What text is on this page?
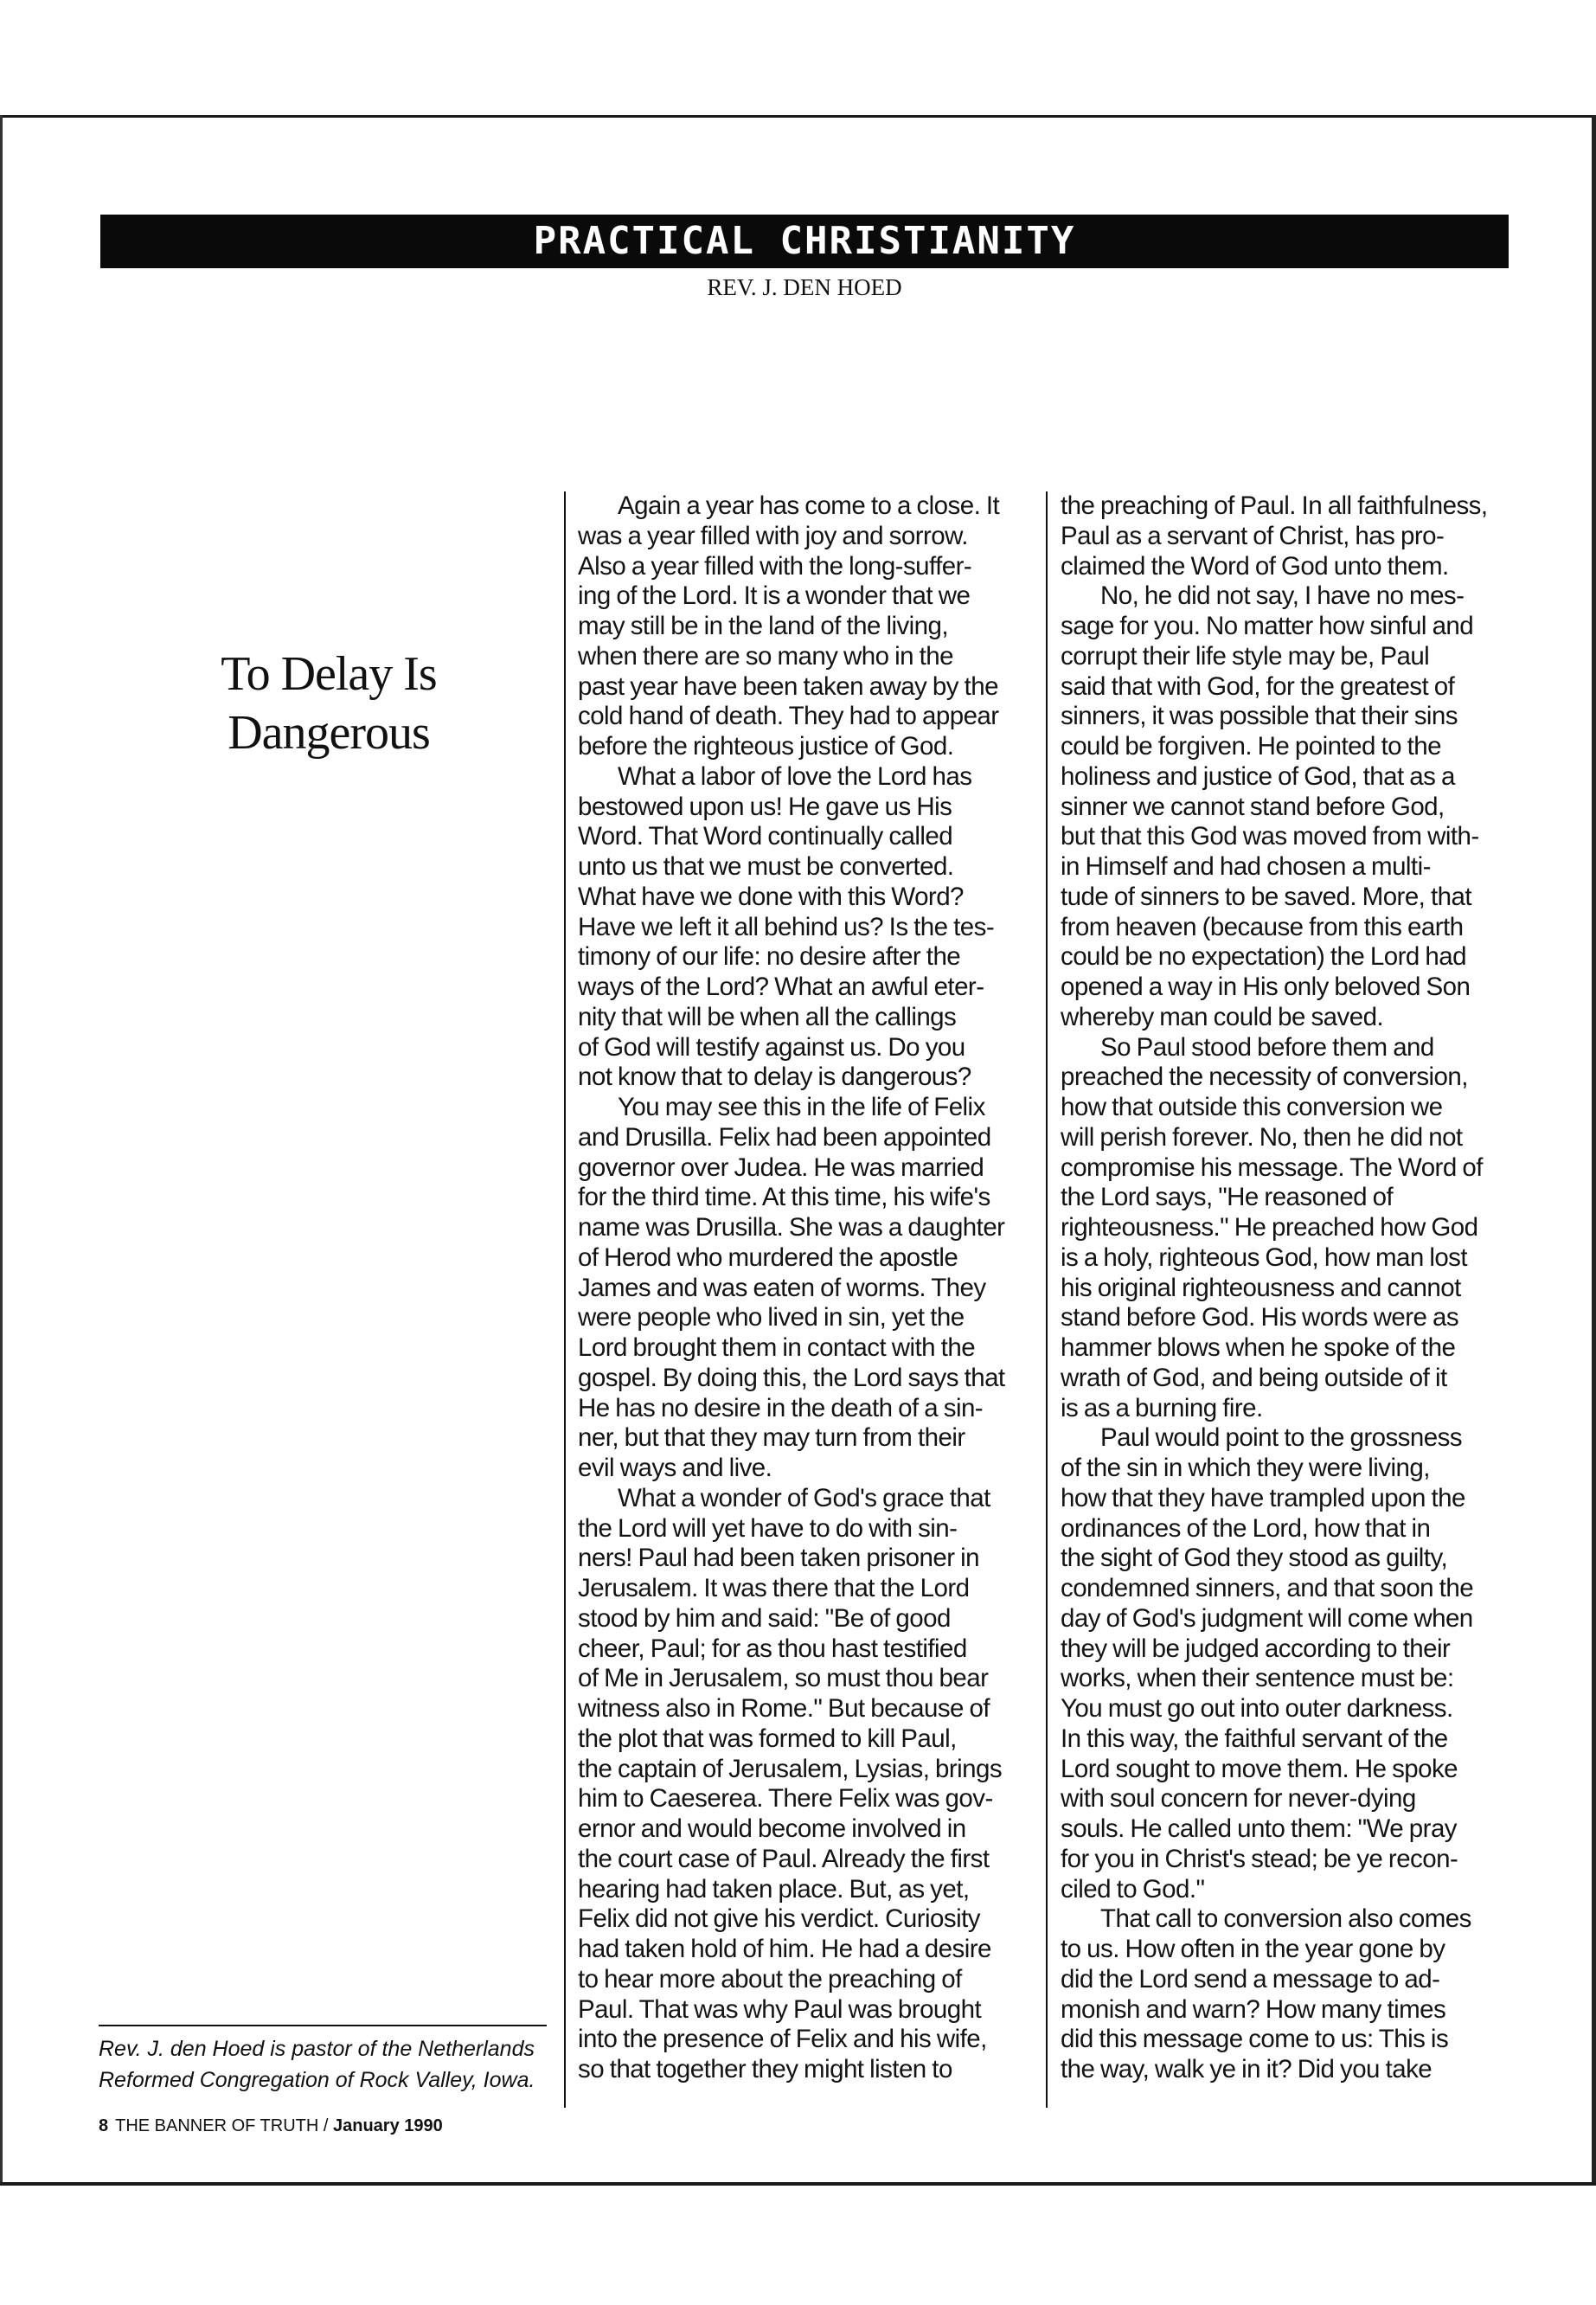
PRACTICAL CHRISTIANITY
REV. J. DEN HOED
To Delay Is Dangerous
Again a year has come to a close. It
was a year filled with joy and sorrow.
Also a year filled with the long-suffer-
ing of the Lord. It is a wonder that we
may still be in the land of the living,
when there are so many who in the
past year have been taken away by the
cold hand of death. They had to appear
before the righteous justice of God.
What a labor of love the Lord has
bestowed upon us! He gave us His
Word. That Word continually called
unto us that we must be converted.
What have we done with this Word?
Have we left it all behind us? Is the tes-
timony of our life: no desire after the
ways of the Lord? What an awful eter-
nity that will be when all the callings
of God will testify against us. Do you
not know that to delay is dangerous?
You may see this in the life of Felix
and Drusilla. Felix had been appointed
governor over Judea. He was married
for the third time. At this time, his wife's
name was Drusilla. She was a daughter
of Herod who murdered the apostle
James and was eaten of worms. They
were people who lived in sin, yet the
Lord brought them in contact with the
gospel. By doing this, the Lord says that
He has no desire in the death of a sin-
ner, but that they may turn from their
evil ways and live.
What a wonder of God's grace that
the Lord will yet have to do with sin-
ners! Paul had been taken prisoner in
Jerusalem. It was there that the Lord
stood by him and said: "Be of good
cheer, Paul; for as thou hast testified
of Me in Jerusalem, so must thou bear
witness also in Rome." But because of
the plot that was formed to kill Paul,
the captain of Jerusalem, Lysias, brings
him to Caeserea. There Felix was gov-
ernor and would become involved in
the court case of Paul. Already the first
hearing had taken place. But, as yet,
Felix did not give his verdict. Curiosity
had taken hold of him. He had a desire
to hear more about the preaching of
Paul. That was why Paul was brought
into the presence of Felix and his wife,
so that together they might listen to
the preaching of Paul. In all faithfulness,
Paul as a servant of Christ, has pro-
claimed the Word of God unto them.
No, he did not say, I have no mes-
sage for you. No matter how sinful and
corrupt their life style may be, Paul
said that with God, for the greatest of
sinners, it was possible that their sins
could be forgiven. He pointed to the
holiness and justice of God, that as a
sinner we cannot stand before God,
but that this God was moved from with-
in Himself and had chosen a multi-
tude of sinners to be saved. More, that
from heaven (because from this earth
could be no expectation) the Lord had
opened a way in His only beloved Son
whereby man could be saved.
So Paul stood before them and
preached the necessity of conversion,
how that outside this conversion we
will perish forever. No, then he did not
compromise his message. The Word of
the Lord says, "He reasoned of
righteousness." He preached how God
is a holy, righteous God, how man lost
his original righteousness and cannot
stand before God. His words were as
hammer blows when he spoke of the
wrath of God, and being outside of it
is as a burning fire.
Paul would point to the grossness
of the sin in which they were living,
how that they have trampled upon the
ordinances of the Lord, how that in
the sight of God they stood as guilty,
condemned sinners, and that soon the
day of God's judgment will come when
they will be judged according to their
works, when their sentence must be:
You must go out into outer darkness.
In this way, the faithful servant of the
Lord sought to move them. He spoke
with soul concern for never-dying
souls. He called unto them: "We pray
for you in Christ's stead; be ye recon-
ciled to God."
That call to conversion also comes
to us. How often in the year gone by
did the Lord send a message to ad-
monish and warn? How many times
did this message come to us: This is
the way, walk ye in it? Did you take
Rev. J. den Hoed is pastor of the Netherlands Reformed Congregation of Rock Valley, Iowa.
8 THE BANNER OF TRUTH / January 1990
